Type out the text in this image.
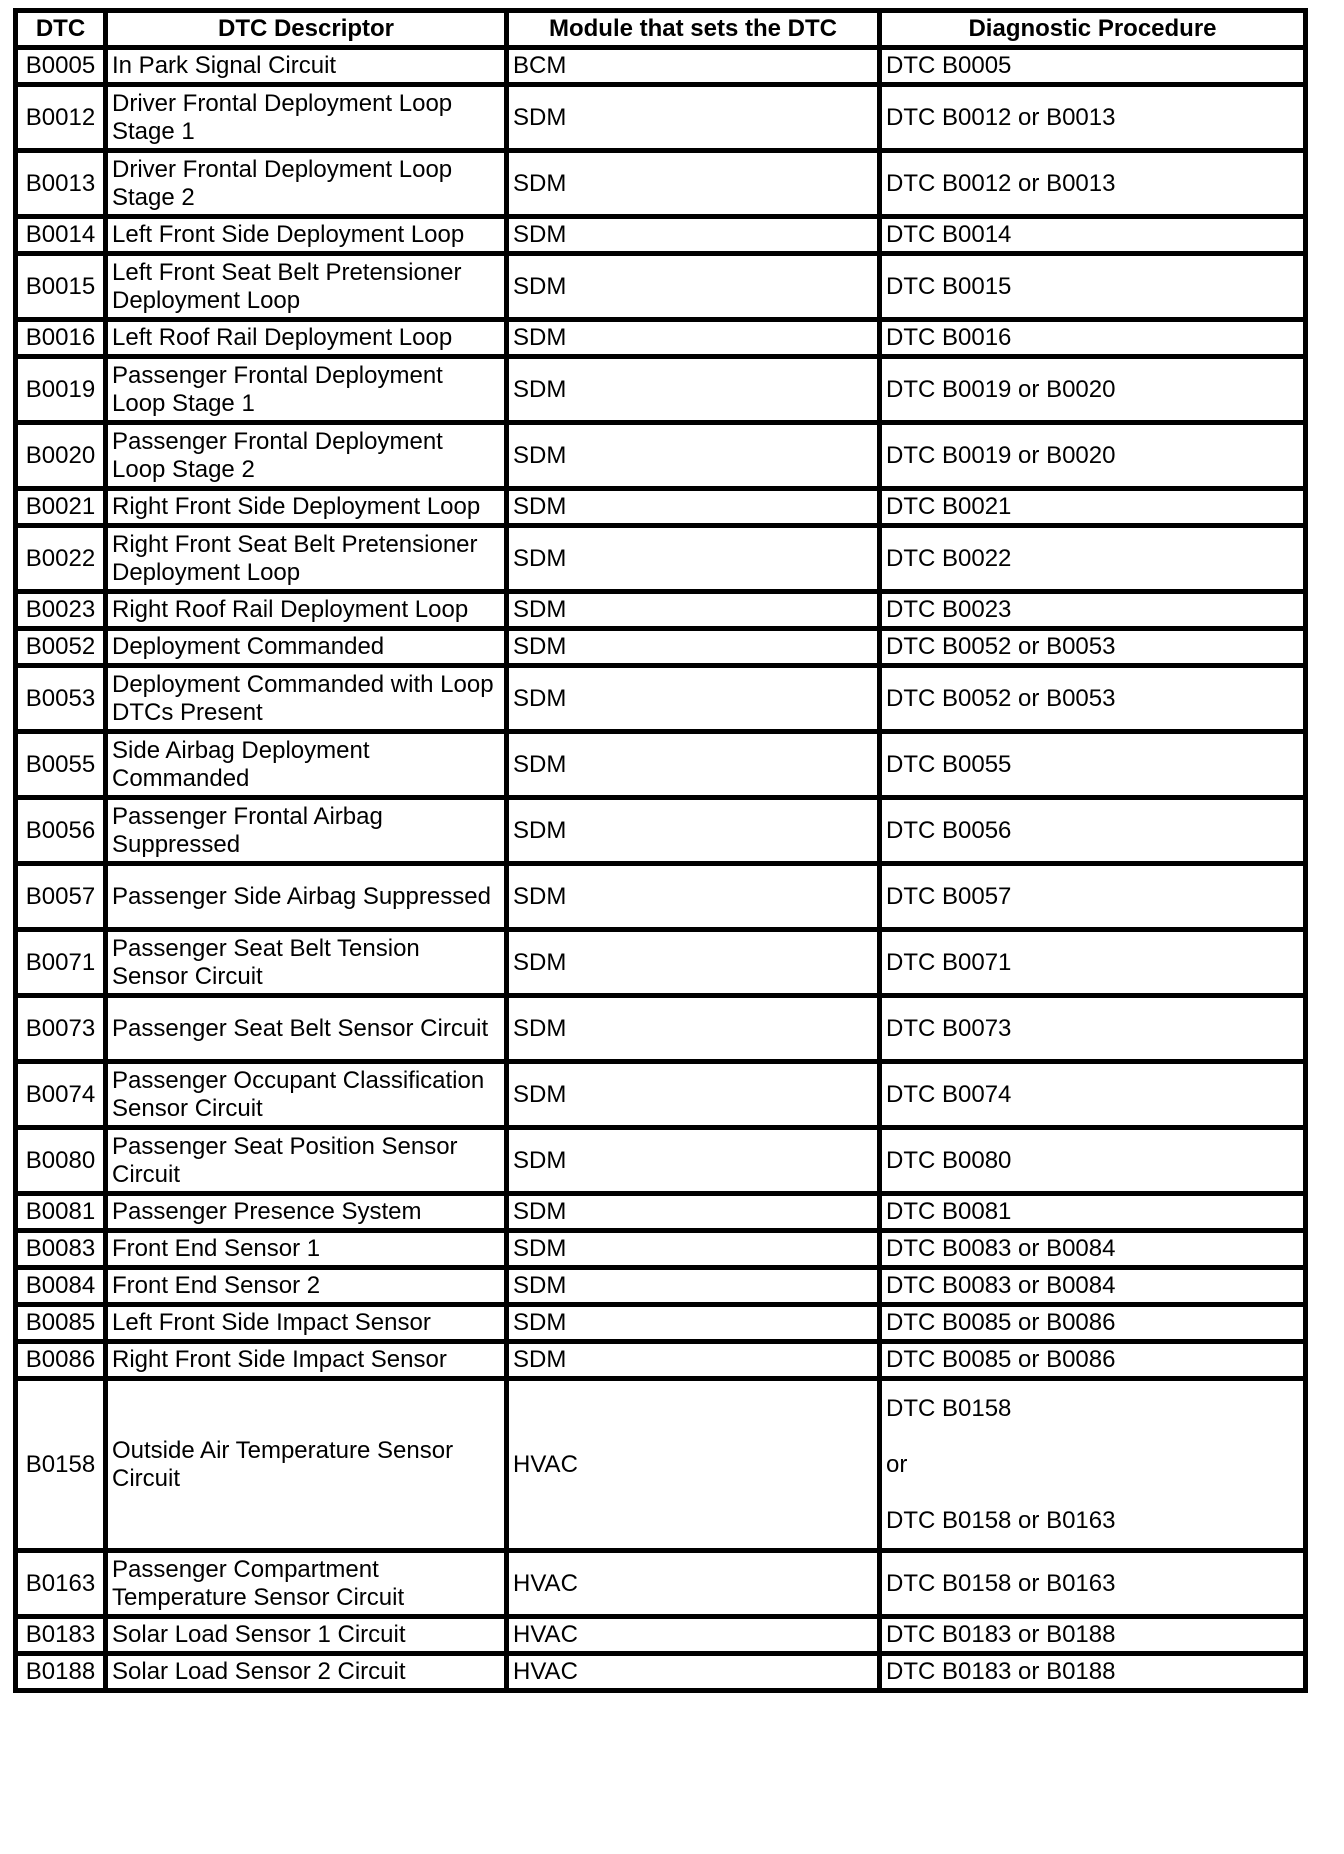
DTC	DTC Descriptor	Module that sets the DTC	Diagnostic Procedure
B0005	In Park Signal Circuit	BCM	DTC B0005

B0012	Driver Frontal Deployment Loop Stage 1	SDM	DTC B0012 or B0013

B0013	Driver Frontal Deployment Loop Stage 2	SDM	DTC B0012 or B0013

B0014	Left Front Side Deployment Loop	SDM	DTC B0014

B0015	Left Front Seat Belt Pretensioner Deployment Loop	SDM	DTC B0015

B0016	Left Roof Rail Deployment Loop	SDM	DTC B0016

B0019	Passenger Frontal Deployment Loop Stage 1	SDM	DTC B0019 or B0020

B0020	Passenger Frontal Deployment Loop Stage 2	SDM	DTC B0019 or B0020

B0021	Right Front Side Deployment Loop	SDM	DTC B0021

B0022	Right Front Seat Belt Pretensioner Deployment Loop	SDM	DTC B0022

B0023	Right Roof Rail Deployment Loop	SDM	DTC B0023

B0052	Deployment Commanded	SDM	DTC B0052 or B0053

B0053	Deployment Commanded with Loop DTCs Present	SDM	DTC B0052 or B0053

B0055	Side Airbag Deployment Commanded	SDM	DTC B0055

B0056	Passenger Frontal Airbag Suppressed	SDM	DTC B0056

B0057	Passenger Side Airbag Suppressed	SDM	DTC B0057

B0071	Passenger Seat Belt Tension Sensor Circuit	SDM	DTC B0071

B0073	Passenger Seat Belt Sensor Circuit	SDM	DTC B0073

B0074	Passenger Occupant Classification Sensor Circuit	SDM	DTC B0074

B0080	Passenger Seat Position Sensor Circuit	SDM	DTC B0080

B0081	Passenger Presence System	SDM	DTC B0081

B0083	Front End Sensor 1	SDM	DTC B0083 or B0084

B0084	Front End Sensor 2	SDM	DTC B0083 or B0084

B0085	Left Front Side Impact Sensor	SDM	DTC B0085 or B0086

B0086	Right Front Side Impact Sensor	SDM	DTC B0085 or B0086

B0158	Outside Air Temperature Sensor Circuit	HVAC	DTC B0158
or
DTC B0158 or B0163

B0163	Passenger Compartment Temperature Sensor Circuit	HVAC	DTC B0158 or B0163

B0183	Solar Load Sensor 1 Circuit	HVAC	DTC B0183 or B0188

B0188	Solar Load Sensor 2 Circuit	HVAC	DTC B0183 or B0188
